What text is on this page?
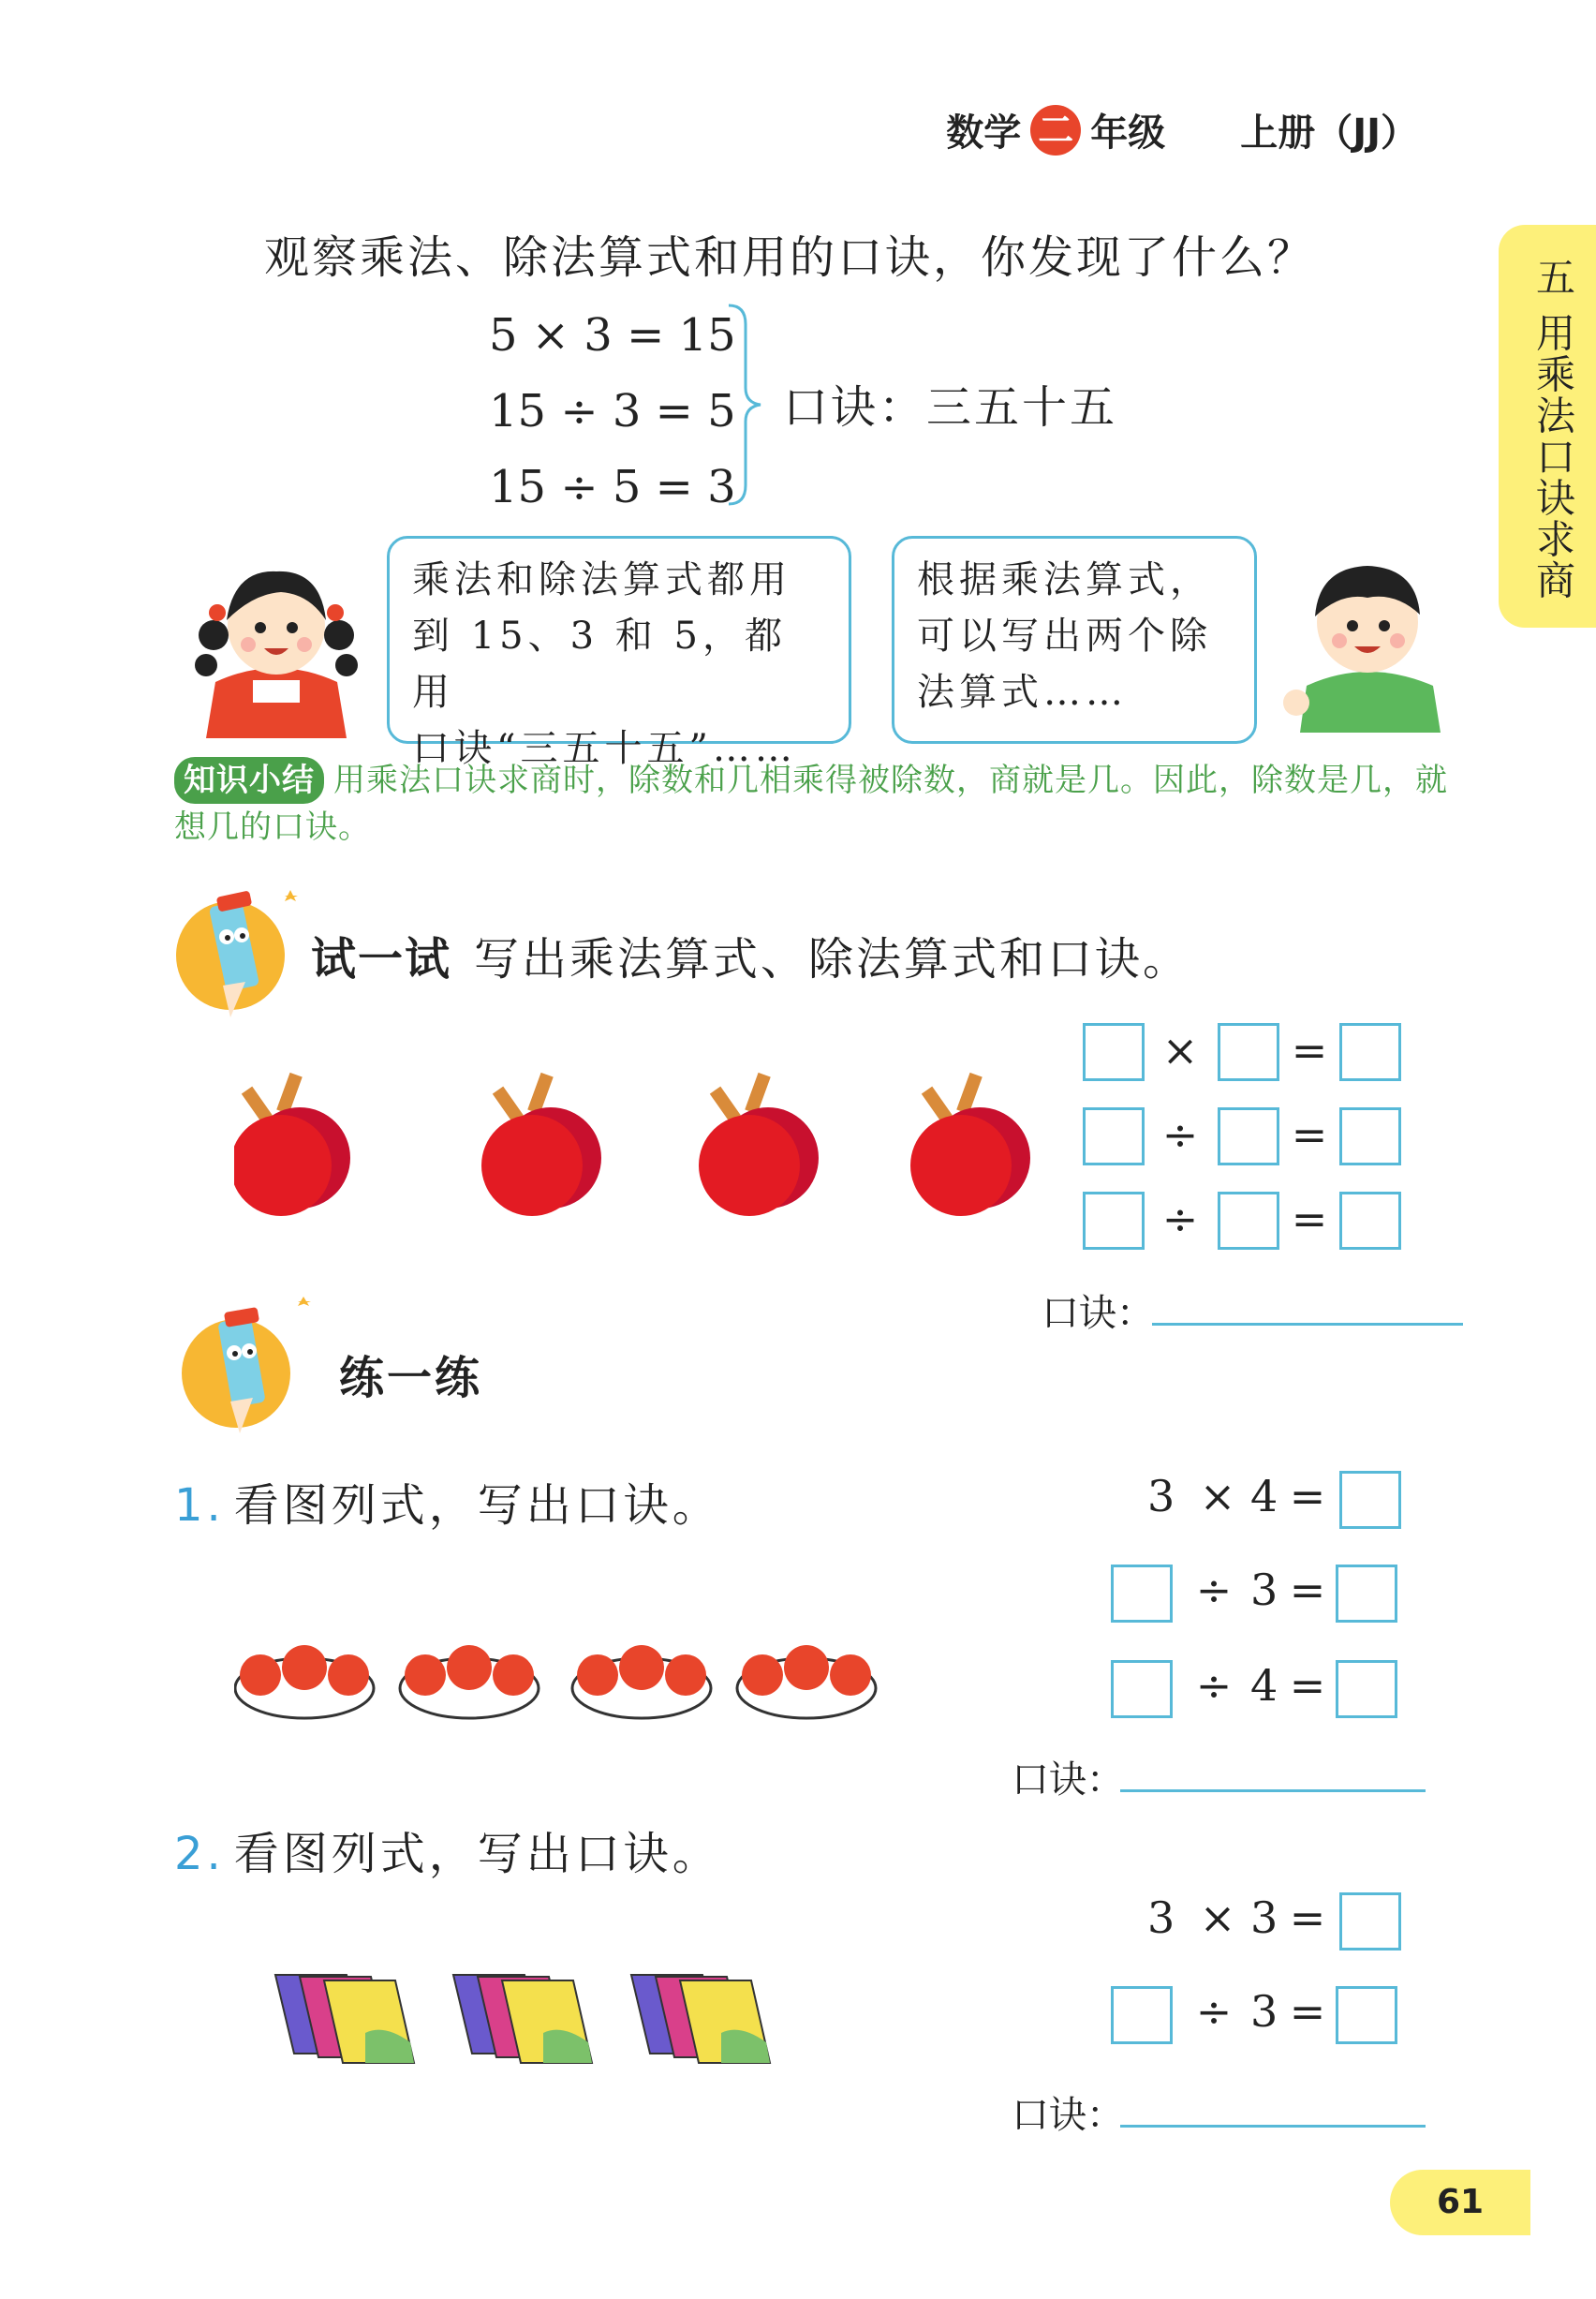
数学 二 年级 上册（JJ）
五 用乘法口诀求商
观察乘法、除法算式和用的口诀，你发现了什么？
5 × 3 = 15
15 ÷ 3 = 5
15 ÷ 5 = 3
口诀：三五十五
乘法和除法算式都用
到 15、3 和 5，都 用
口诀“三五十五”……
根据乘法算式，
可以写出两个除
法算式……
知识小结 用乘法口诀求商时，除数和几相乘得被除数，商就是几。因此，除数是几，就想几的口诀。
试一试 写出乘法算式、除法算式和口诀。
× =
÷ =
÷ =
口诀：
练一练
1. 看图列式，写出口诀。	3 × 4 =
÷ 3 =
÷ 4 =
口诀：
2. 看图列式，写出口诀。
3 × 3 =
÷ 3 =
口诀：
61
